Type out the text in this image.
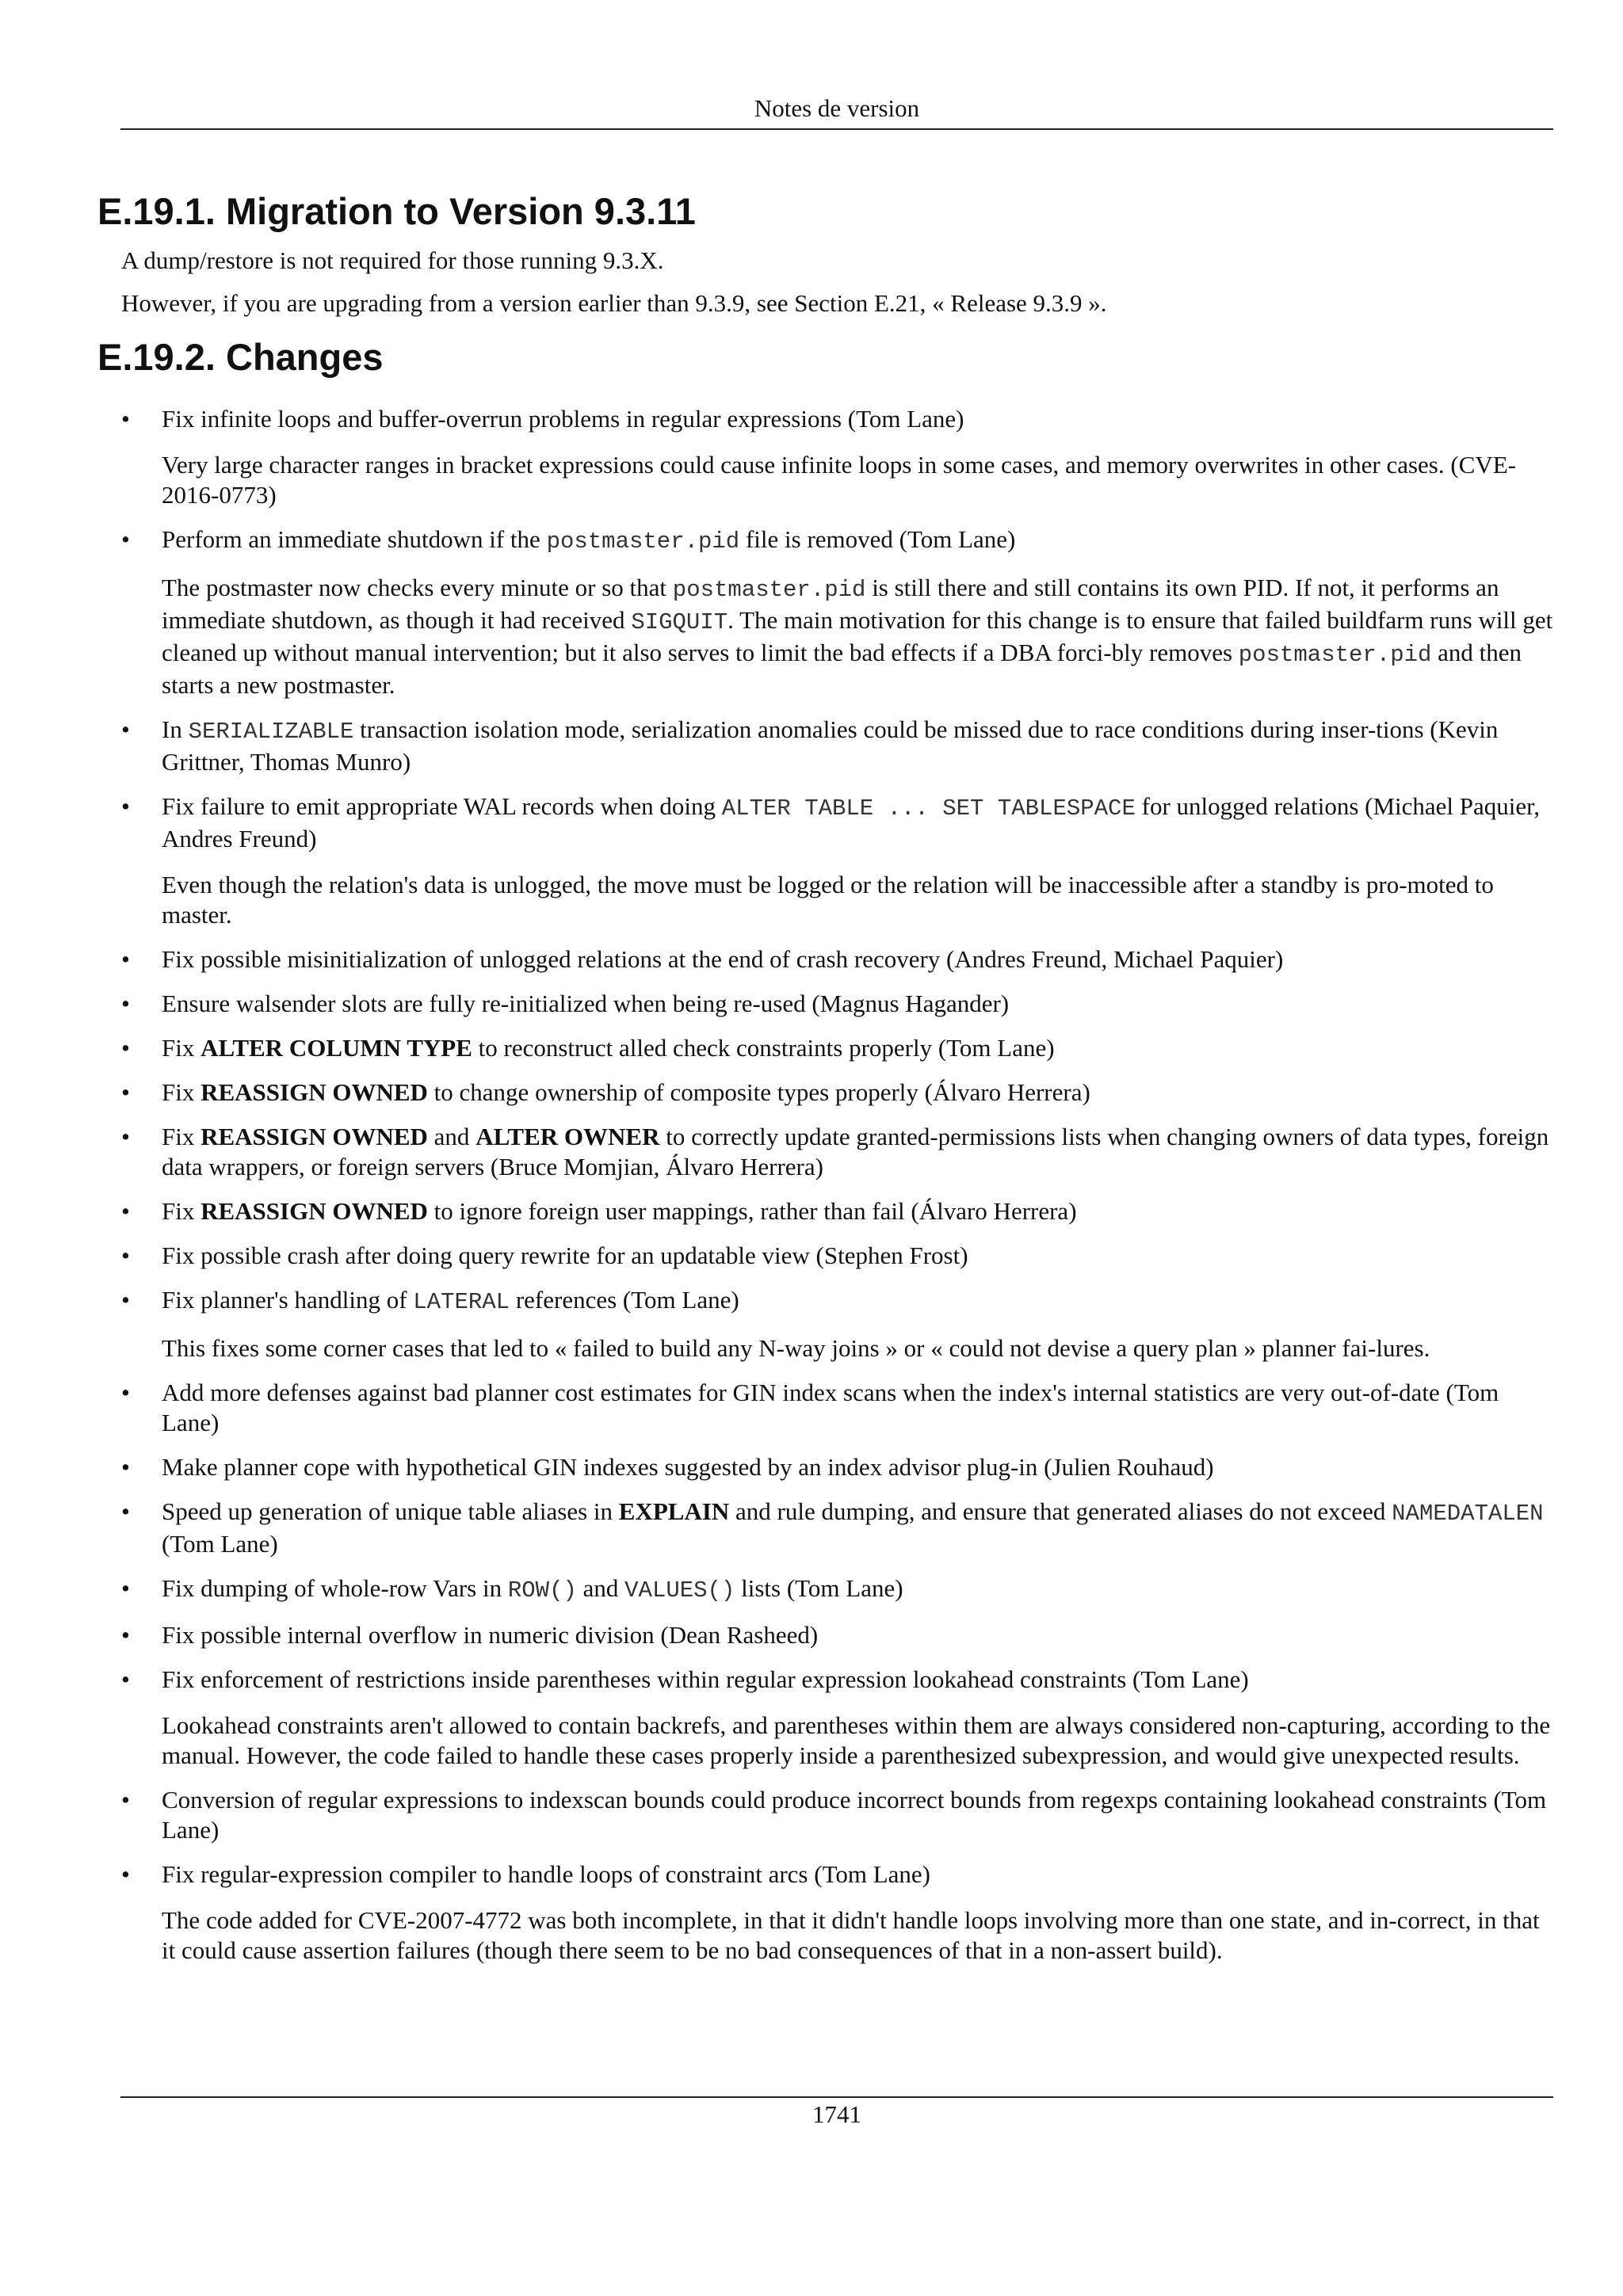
Notes de version
E.19.1. Migration to Version 9.3.11

A dump/restore is not required for those running 9.3.X.

However, if you are upgrading from a version earlier than 9.3.9, see Section E.21, « Release 9.3.9 ».

E.19.2. Changes
• Fix infinite loops and buffer-overrun problems in regular expressions (Tom Lane)

Very large character ranges in bracket expressions could cause infinite loops in some cases, and memory overwrites in other cases. (CVE-2016-0773)

• Perform an immediate shutdown if the postmaster.pid file is removed (Tom Lane)

The postmaster now checks every minute or so that postmaster.pid is still there and still contains its own PID. If not, it performs an immediate shutdown, as though it had received SIGQUIT. The main motivation for this change is to ensure that failed buildfarm runs will get cleaned up without manual intervention; but it also serves to limit the bad effects if a DBA forci-bly removes postmaster.pid and then starts a new postmaster.

• In SERIALIZABLE transaction isolation mode, serialization anomalies could be missed due to race conditions during inser-tions (Kevin Grittner, Thomas Munro)

• Fix failure to emit appropriate WAL records when doing ALTER TABLE ... SET TABLESPACE for unlogged relations (Michael Paquier, Andres Freund)

Even though the relation's data is unlogged, the move must be logged or the relation will be inaccessible after a standby is pro-moted to master.

• Fix possible misinitialization of unlogged relations at the end of crash recovery (Andres Freund, Michael Paquier)

• Ensure walsender slots are fully re-initialized when being re-used (Magnus Hagander)

• Fix ALTER COLUMN TYPE to reconstruct alled check constraints properly (Tom Lane)

• Fix REASSIGN OWNED to change ownership of composite types properly (Álvaro Herrera)

• Fix REASSIGN OWNED and ALTER OWNER to correctly update granted-permissions lists when changing owners of data types, foreign data wrappers, or foreign servers (Bruce Momjian, Álvaro Herrera)

• Fix REASSIGN OWNED to ignore foreign user mappings, rather than fail (Álvaro Herrera)

• Fix possible crash after doing query rewrite for an updatable view (Stephen Frost)

• Fix planner's handling of LATERAL references (Tom Lane)

This fixes some corner cases that led to « failed to build any N-way joins » or « could not devise a query plan » planner fai-lures.

• Add more defenses against bad planner cost estimates for GIN index scans when the index's internal statistics are very out-of-date (Tom Lane)

• Make planner cope with hypothetical GIN indexes suggested by an index advisor plug-in (Julien Rouhaud)

• Speed up generation of unique table aliases in EXPLAIN and rule dumping, and ensure that generated aliases do not exceed NAMEDATALEN (Tom Lane)

• Fix dumping of whole-row Vars in ROW() and VALUES() lists (Tom Lane)

• Fix possible internal overflow in numeric division (Dean Rasheed)

• Fix enforcement of restrictions inside parentheses within regular expression lookahead constraints (Tom Lane)

Lookahead constraints aren't allowed to contain backrefs, and parentheses within them are always considered non-capturing, according to the manual. However, the code failed to handle these cases properly inside a parenthesized subexpression, and would give unexpected results.

• Conversion of regular expressions to indexscan bounds could produce incorrect bounds from regexps containing lookahead constraints (Tom Lane)

• Fix regular-expression compiler to handle loops of constraint arcs (Tom Lane)

The code added for CVE-2007-4772 was both incomplete, in that it didn't handle loops involving more than one state, and in-correct, in that it could cause assertion failures (though there seem to be no bad consequences of that in a non-assert build).

1741
